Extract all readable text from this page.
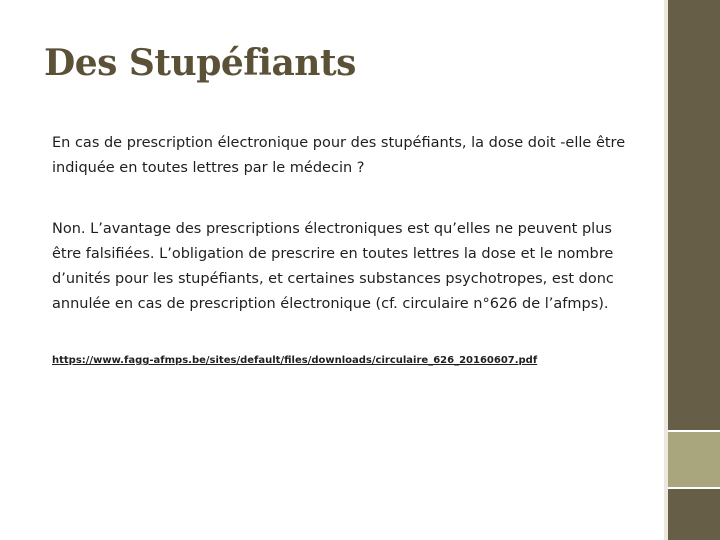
Des Stupéfiants

En cas de prescription électronique pour des stupéfiants, la dose doit -elle être indiquée en toutes lettres par le médecin ?

Non. L’avantage des prescriptions électroniques est qu’elles ne peuvent plus être falsifiées. L’obligation de prescrire en toutes lettres la dose et le nombre d’unités pour les stupéfiants, et certaines substances psychotropes, est donc annulée en cas de prescription électronique (cf. circulaire n°626 de l’afmps).

https://www.fagg-afmps.be/sites/default/files/downloads/circulaire_626_20160607.pdf
